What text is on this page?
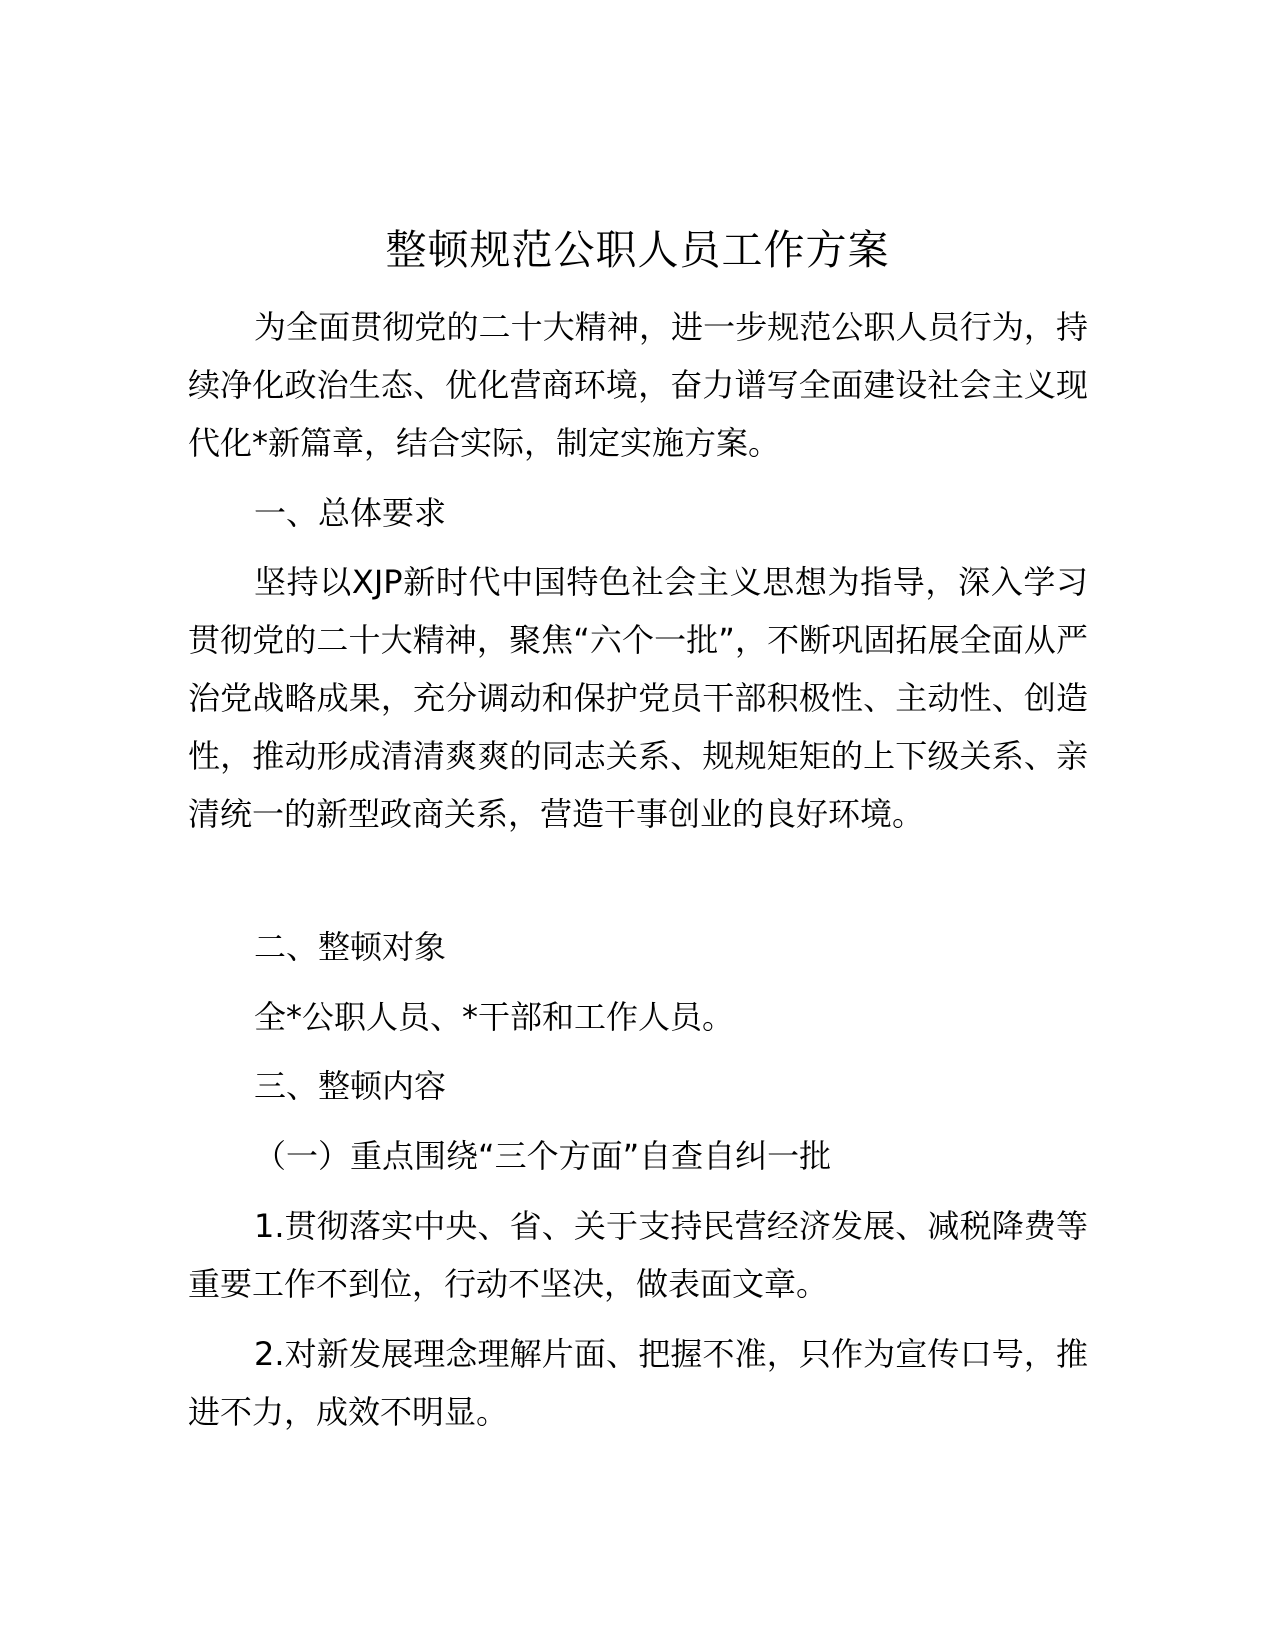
整顿规范公职人员工作方案

为全面贯彻党的二十大精神，进一步规范公职人员行为，持续净化政治生态、优化营商环境，奋力谱写全面建设社会主义现代化*新篇章，结合实际，制定实施方案。

一、总体要求

坚持以XJP新时代中国特色社会主义思想为指导，深入学习贯彻党的二十大精神，聚焦“六个一批”，不断巩固拓展全面从严治党战略成果，充分调动和保护党员干部积极性、主动性、创造性，推动形成清清爽爽的同志关系、规规矩矩的上下级关系、亲清统一的新型政商关系，营造干事创业的良好环境。

二、整顿对象

全*公职人员、*干部和工作人员。

三、整顿内容
（一）重点围绕“三个方面”自查自纠一批

1.贯彻落实中央、省、关于支持民营经济发展、减税降费等重要工作不到位，行动不坚决，做表面文章。

2.对新发展理念理解片面、把握不准，只作为宣传口号，推进不力，成效不明显。
